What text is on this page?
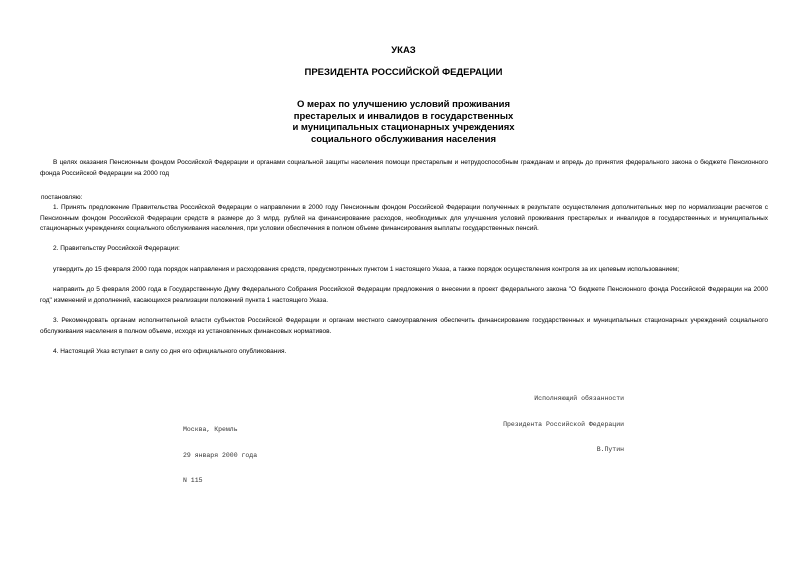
УКАЗ
ПРЕЗИДЕНТА РОССИЙСКОЙ ФЕДЕРАЦИИ
О мерах по улучшению условий проживания
престарелых и инвалидов в государственных
и муниципальных стационарных учреждениях
социального обслуживания населения

В целях оказания Пенсионным фондом Российской Федерации и органами социальной защиты населения помощи престарелым и нетрудоспособным гражданам и впредь до принятия федерального закона о бюджете Пенсионного фонда Российской Федерации на 2000 год

постановляю:

1. Принять предложение Правительства Российской Федерации о направлении в 2000 году Пенсионным фондом Российской Федерации полученных в результате осуществления дополнительных мер по нормализации расчетов с Пенсионным фондом Российской Федерации средств в размере до 3 млрд. рублей на финансирование расходов, необходимых для улучшения условий проживания престарелых и инвалидов в государственных и муниципальных стационарных учреждениях социального обслуживания населения, при условии обеспечения в полном объеме финансирования выплаты государственных пенсий.

2. Правительству Российской Федерации:

утвердить до 15 февраля 2000 года порядок направления и расходования средств, предусмотренных пунктом 1 настоящего Указа, а также порядок осуществления контроля за их целевым использованием;

направить до 5 февраля 2000 года в Государственную Думу Федерального Собрания Российской Федерации предложения о внесении в проект федерального закона "О бюджете Пенсионного фонда Российской Федерации на 2000 год" изменений и дополнений, касающихся реализации положений пункта 1 настоящего Указа.

3. Рекомендовать органам исполнительной власти субъектов Российской Федерации и органам местного самоуправления обеспечить финансирование государственных и муниципальных стационарных учреждений социального обслуживания населения в полном объеме, исходя из установленных финансовых нормативов.

4. Настоящий Указ вступает в силу со дня его официального опубликования.

Исполняющий обязанности

Президента Российской Федерации

В.Путин

Москва, Кремль

29 января 2000 года

N 115
